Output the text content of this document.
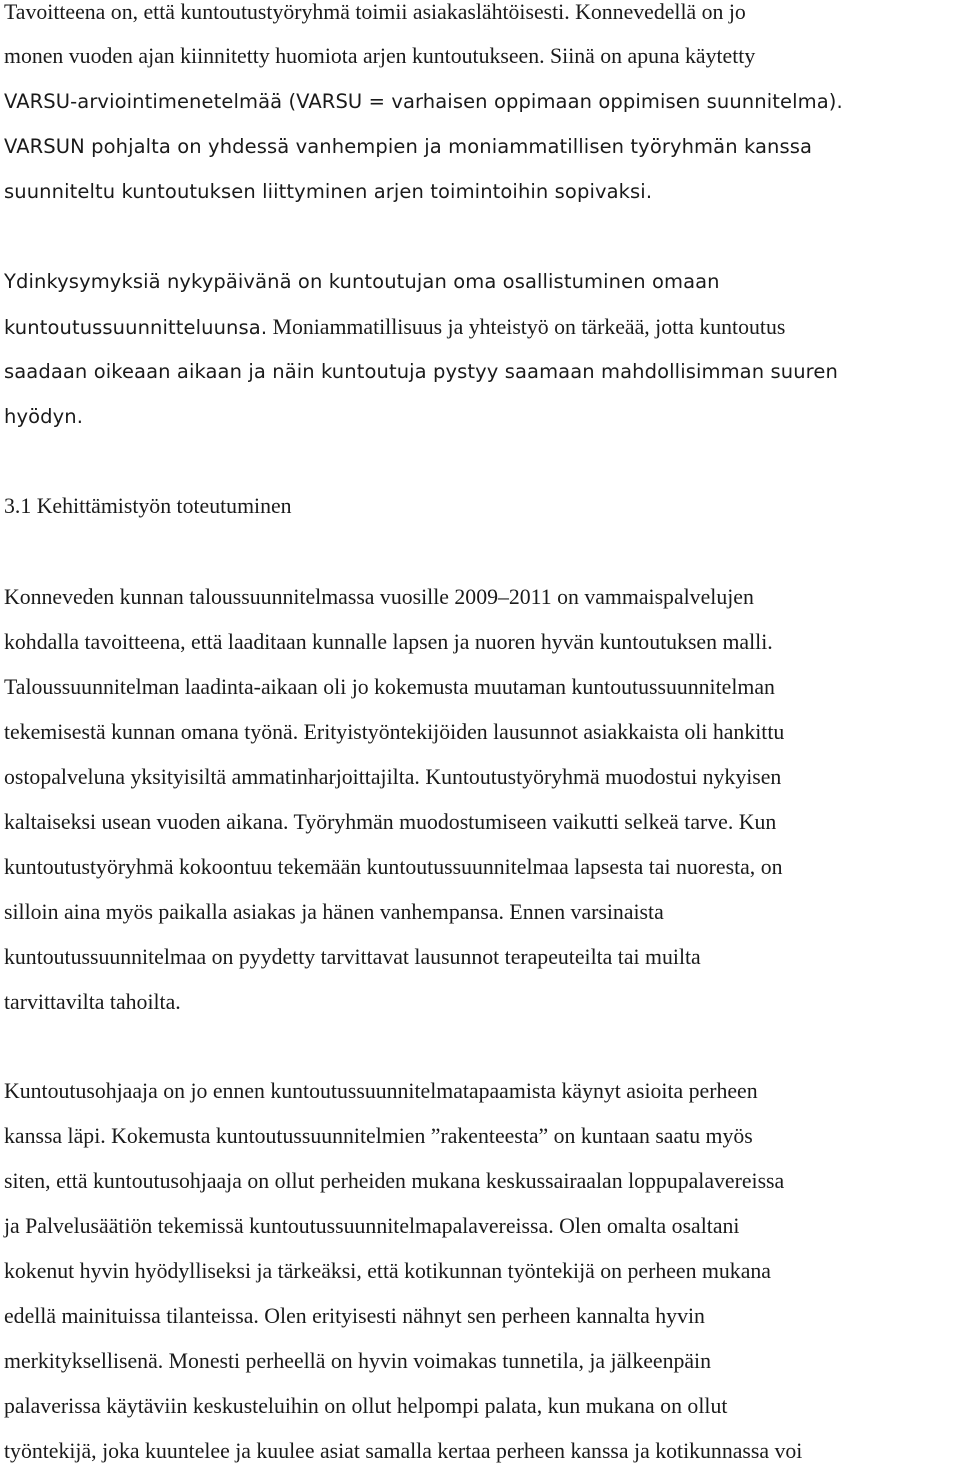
Tavoitteena on, että kuntoutustyöryhmä toimii asiakaslähtöisesti. Konnevedellä on jo
monen vuoden ajan kiinnitetty huomiota arjen kuntoutukseen. Siinä on apuna käytetty
VARSU-arviointimenetelmää (VARSU = varhaisen oppimaan oppimisen suunnitelma).
VARSUN pohjalta on yhdessä vanhempien ja moniammatillisen työryhmän kanssa
suunniteltu kuntoutuksen liittyminen arjen toimintoihin sopivaksi.
Ydinkysymyksiä nykypäivänä on kuntoutujan oma osallistuminen omaan
kuntoutussuunnitteluunsa. Moniammatillisuus ja yhteistyö on tärkeää, jotta kuntoutus
saadaan oikeaan aikaan ja näin kuntoutuja pystyy saamaan mahdollisimman suuren
hyödyn.
3.1 Kehittämistyön toteutuminen
Konneveden kunnan taloussuunnitelmassa vuosille 2009–2011 on vammaispalvelujen
kohdalla tavoitteena, että laaditaan kunnalle lapsen ja nuoren hyvän kuntoutuksen malli.
Taloussuunnitelman laadinta-aikaan oli jo kokemusta muutaman kuntoutussuunnitelman
tekemisestä kunnan omana työnä. Erityistyöntekijöiden lausunnot asiakkaista oli hankittu
ostopalveluna yksityisiltä ammatinharjoittajilta. Kuntoutustyöryhmä muodostui nykyisen
kaltaiseksi usean vuoden aikana. Työryhmän muodostumiseen vaikutti selkeä tarve. Kun
kuntoutustyöryhmä kokoontuu tekemään kuntoutussuunnitelmaa lapsesta tai nuoresta, on
silloin aina myös paikalla asiakas ja hänen vanhempansa. Ennen varsinaista
kuntoutussuunnitelmaa on pyydetty tarvittavat lausunnot terapeuteilta tai muilta
tarvittavilta tahoilta.
Kuntoutusohjaaja on jo ennen kuntoutussuunnitelmatapaamista käynyt asioita perheen
kanssa läpi. Kokemusta kuntoutussuunnitelmien ”rakenteesta” on kuntaan saatu myös
siten, että kuntoutusohjaaja on ollut perheiden mukana keskussairaalan loppupalavereissa
ja Palvelusäätiön tekemissä kuntoutussuunnitelmapalavereissa. Olen omalta osaltani
kokenut hyvin hyödylliseksi ja tärkeäksi, että kotikunnan työntekijä on perheen mukana
edellä mainituissa tilanteissa. Olen erityisesti nähnyt sen perheen kannalta hyvin
merkityksellisenä. Monesti perheellä on hyvin voimakas tunnetila, ja jälkeenpäin
palaverissa käytäviin keskusteluihin on ollut helpompi palata, kun mukana on ollut
työntekijä, joka kuuntelee ja kuulee asiat samalla kertaa perheen kanssa ja kotikunnassa voi
